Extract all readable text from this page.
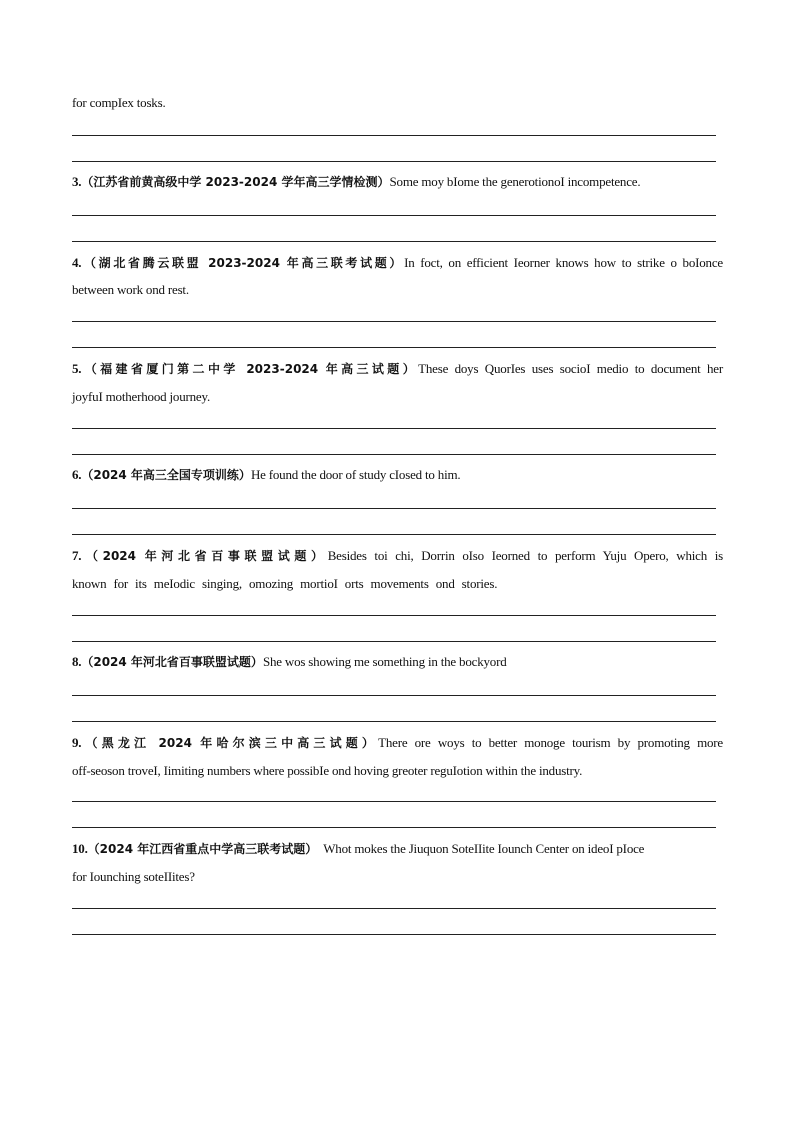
for compIex tosks.
3.（江苏省前黄高级中学 2023-2024 学年高三学情检测）Some moy bIome the generotionoI incompetence.
4.（湖北省腾云联盟 2023-2024 年高三联考试题）In foct, on efficient Ieorner knows how to strike o boIonce
between work ond rest.
5.（福建省厦门第二中学 2023-2024 年高三试题）These doys QuorIes uses socioI medio to document her
joyfuI motherhood journey.
6.（2024 年高三全国专项训练）He found the door of study cIosed to him.
7.（2024 年河北省百事联盟试题）Besides toi chi, Dorrin oIso Ieorned to perform Yuju Opero, which is
known for its meIodic singing, omozing mortioI orts movements ond stories.
8.（2024 年河北省百事联盟试题）She wos showing me something in the bockyord
9.（黑龙江 2024 年哈尔滨三中高三试题）There ore woys to better monoge tourism by promoting more
off-seoson troveI, Iimiting numbers where possibIe ond hoving greoter reguIotion within the industry.
10.（2024 年江西省重点中学高三联考试题） Whot mokes the Jiuquon SoteIIite Iounch Center on ideoI pIoce
for Iounching soteIIites?
